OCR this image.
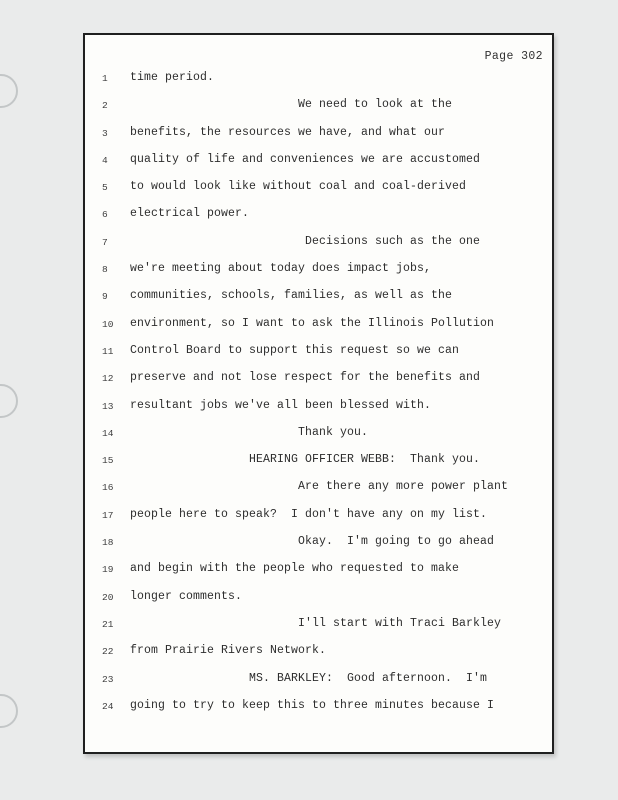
Page 302
1	time period.
2	We need to look at the
3	benefits, the resources we have, and what our
4	quality of life and conveniences we are accustomed
5	to would look like without coal and coal-derived
6	electrical power.
7	Decisions such as the one
8	we're meeting about today does impact jobs,
9	communities, schools, families, as well as the
10	environment, so I want to ask the Illinois Pollution
11	Control Board to support this request so we can
12	preserve and not lose respect for the benefits and
13	resultant jobs we've all been blessed with.
14	Thank you.
15	HEARING OFFICER WEBB:  Thank you.
16	Are there any more power plant
17	people here to speak?  I don't have any on my list.
18	Okay.  I'm going to go ahead
19	and begin with the people who requested to make
20	longer comments.
21	I'll start with Traci Barkley
22	from Prairie Rivers Network.
23	MS. BARKLEY:  Good afternoon.  I'm
24	going to try to keep this to three minutes because I
